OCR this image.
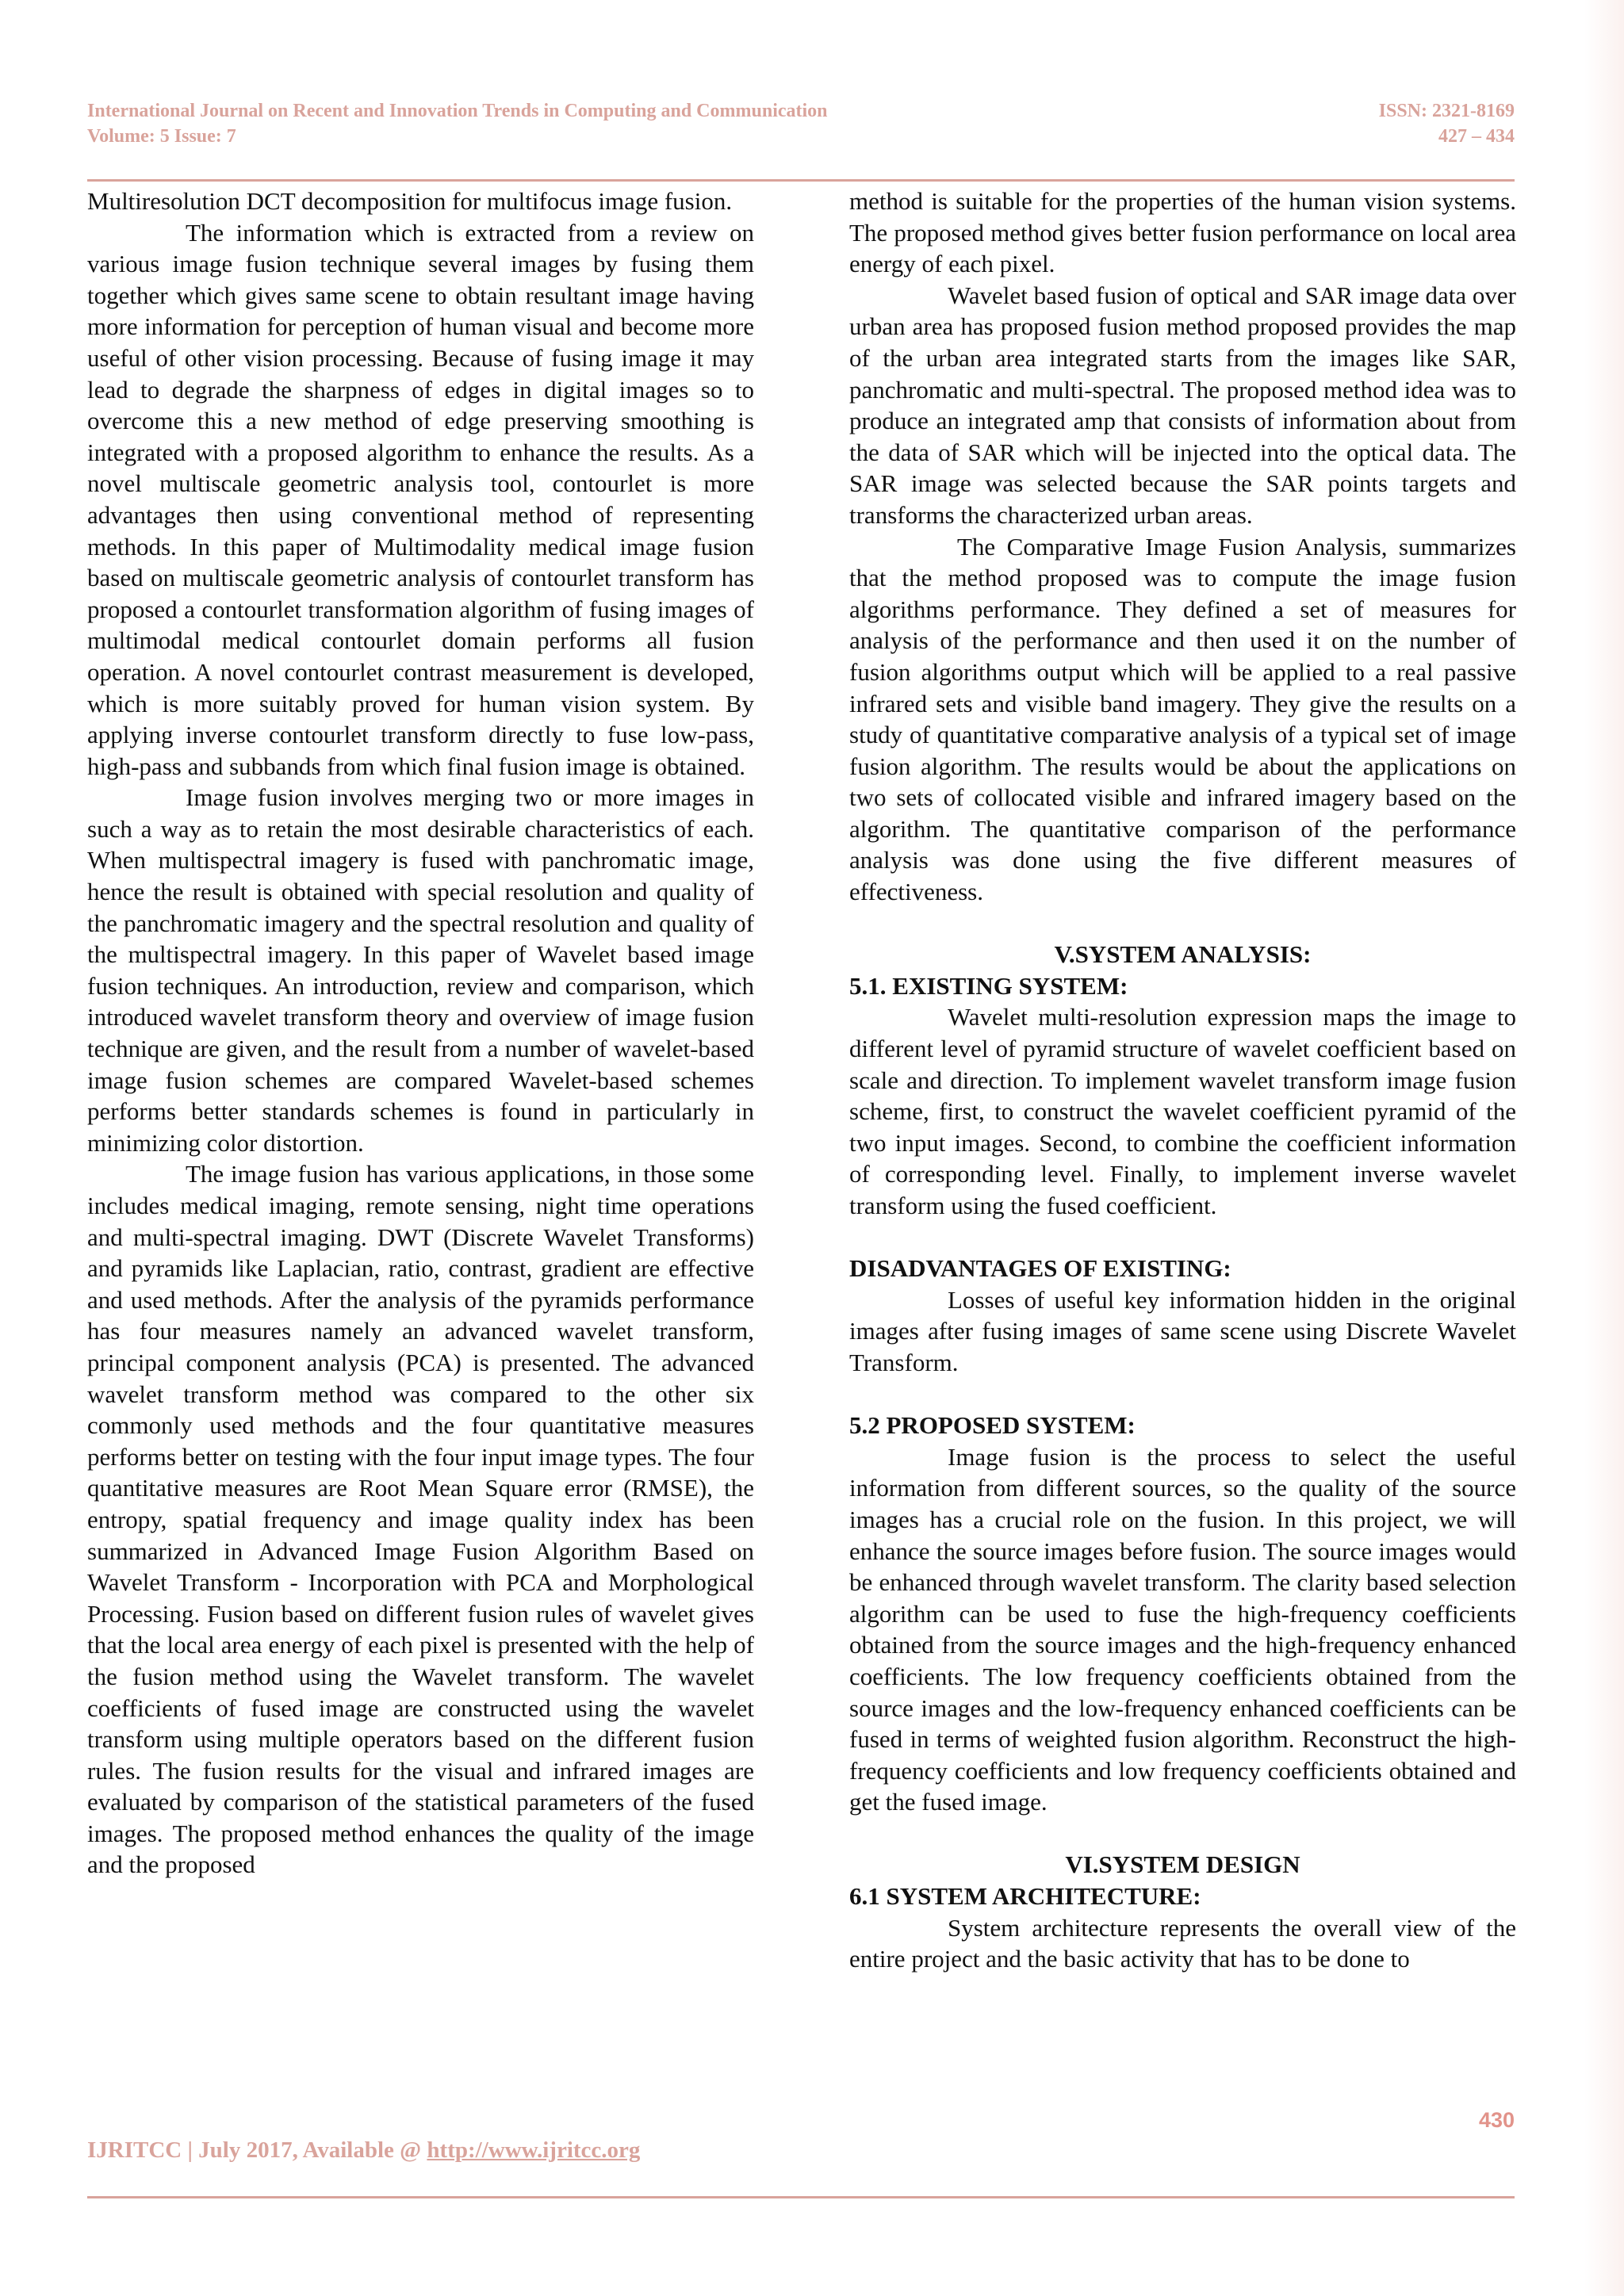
International Journal on Recent and Innovation Trends in Computing and Communication
Volume: 5 Issue: 7
ISSN: 2321-8169
427 – 434

Multiresolution DCT decomposition for multifocus image fusion.

The information which is extracted from a review on various image fusion technique several images by fusing them together which gives same scene to obtain resultant image having more information for perception of human visual and become more useful of other vision processing. Because of fusing image it may lead to degrade the sharpness of edges in digital images so to overcome this a new method of edge preserving smoothing is integrated with a proposed algorithm to enhance the results. As a novel multiscale geometric analysis tool, contourlet is more advantages then using conventional method of representing methods. In this paper of Multimodality medical image fusion based on multiscale geometric analysis of contourlet transform has proposed a contourlet transformation algorithm of fusing images of multimodal medical contourlet domain performs all fusion operation. A novel contourlet contrast measurement is developed, which is more suitably proved for human vision system. By applying inverse contourlet transform directly to fuse low-pass, high-pass and subbands from which final fusion image is obtained.

Image fusion involves merging two or more images in such a way as to retain the most desirable characteristics of each. When multispectral imagery is fused with panchromatic image, hence the result is obtained with special resolution and quality of the panchromatic imagery and the spectral resolution and quality of the multispectral imagery. In this paper of Wavelet based image fusion techniques. An introduction, review and comparison, which introduced wavelet transform theory and overview of image fusion technique are given, and the result from a number of wavelet-based image fusion schemes are compared Wavelet-based schemes performs better standards schemes is found in particularly in minimizing color distortion.

The image fusion has various applications, in those some includes medical imaging, remote sensing, night time operations and multi-spectral imaging. DWT (Discrete Wavelet Transforms) and pyramids like Laplacian, ratio, contrast, gradient are effective and used methods. After the analysis of the pyramids performance has four measures namely an advanced wavelet transform, principal component analysis (PCA) is presented. The advanced wavelet transform method was compared to the other six commonly used methods and the four quantitative measures performs better on testing with the four input image types. The four quantitative measures are Root Mean Square error (RMSE), the entropy, spatial frequency and image quality index has been summarized in Advanced Image Fusion Algorithm Based on Wavelet Transform - Incorporation with PCA and Morphological Processing. Fusion based on different fusion rules of wavelet gives that the local area energy of each pixel is presented with the help of the fusion method using the Wavelet transform. The wavelet coefficients of fused image are constructed using the wavelet transform using multiple operators based on the different fusion rules. The fusion results for the visual and infrared images are evaluated by comparison of the statistical parameters of the fused images. The proposed method enhances the quality of the image and the proposed

method is suitable for the properties of the human vision systems. The proposed method gives better fusion performance on local area energy of each pixel.

Wavelet based fusion of optical and SAR image data over urban area has proposed fusion method proposed provides the map of the urban area integrated starts from the images like SAR, panchromatic and multi-spectral. The proposed method idea was to produce an integrated amp that consists of information about from the data of SAR which will be injected into the optical data. The SAR image was selected because the SAR points targets and transforms the characterized urban areas.

The Comparative Image Fusion Analysis, summarizes that the method proposed was to compute the image fusion algorithms performance. They defined a set of measures for analysis of the performance and then used it on the number of fusion algorithms output which will be applied to a real passive infrared sets and visible band imagery. They give the results on a study of quantitative comparative analysis of a typical set of image fusion algorithm. The results would be about the applications on two sets of collocated visible and infrared imagery based on the algorithm. The quantitative comparison of the performance analysis was done using the five different measures of effectiveness.

V.SYSTEM ANALYSIS:
5.1. EXISTING SYSTEM:

Wavelet multi-resolution expression maps the image to different level of pyramid structure of wavelet coefficient based on scale and direction. To implement wavelet transform image fusion scheme, first, to construct the wavelet coefficient pyramid of the two input images. Second, to combine the coefficient information of corresponding level. Finally, to implement inverse wavelet transform using the fused coefficient.

DISADVANTAGES OF EXISTING:

Losses of useful key information hidden in the original images after fusing images of same scene using Discrete Wavelet Transform.

5.2 PROPOSED SYSTEM:

Image fusion is the process to select the useful information from different sources, so the quality of the source images has a crucial role on the fusion. In this project, we will enhance the source images before fusion. The source images would be enhanced through wavelet transform. The clarity based selection algorithm can be used to fuse the high-frequency coefficients obtained from the source images and the high-frequency enhanced coefficients. The low frequency coefficients obtained from the source images and the low-frequency enhanced coefficients can be fused in terms of weighted fusion algorithm. Reconstruct the high-frequency coefficients and low frequency coefficients obtained and get the fused image.

VI.SYSTEM DESIGN
6.1 SYSTEM ARCHITECTURE:

System architecture represents the overall view of the entire project and the basic activity that has to be done to

430
IJRITCC | July 2017, Available @ http://www.ijritcc.org
